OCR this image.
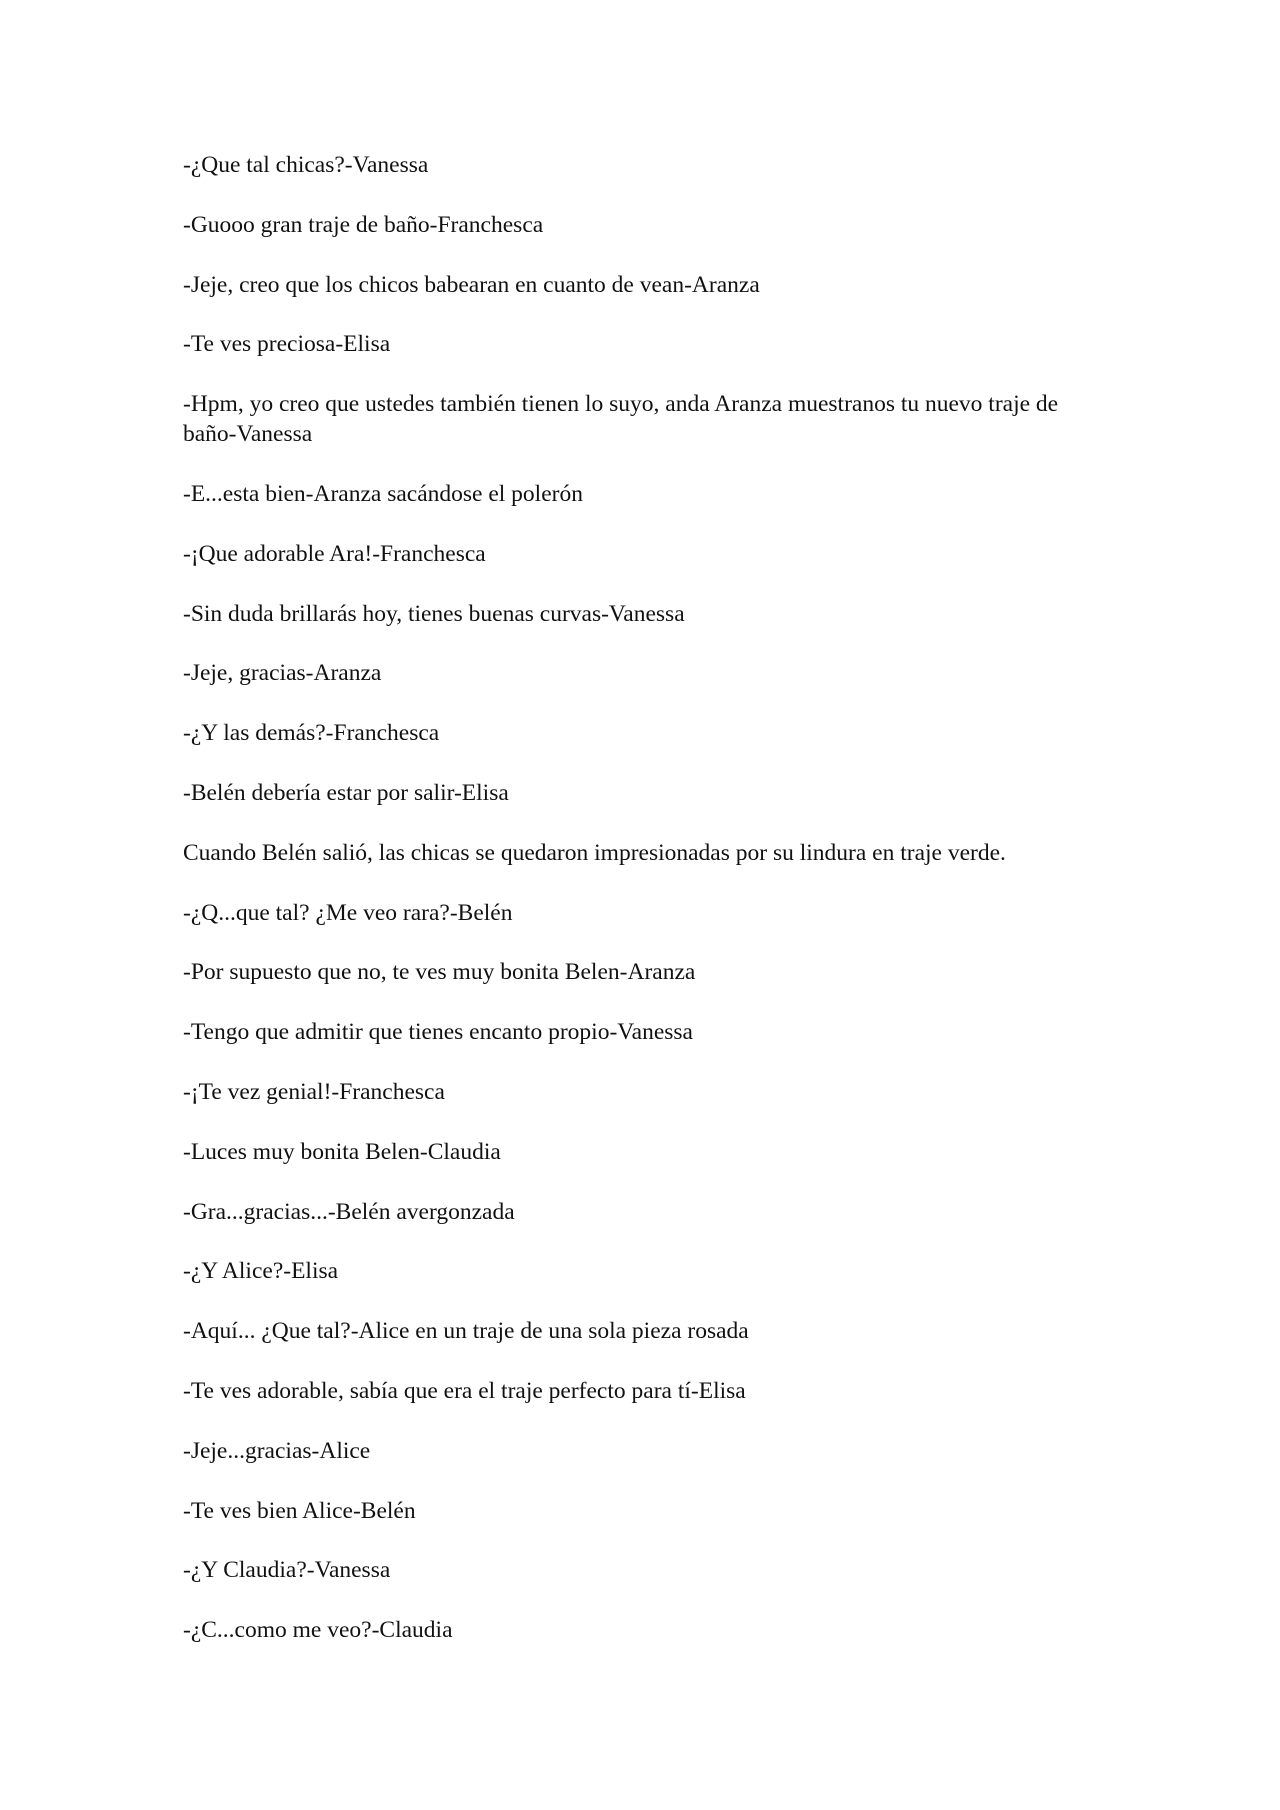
-¿Que tal chicas?-Vanessa

-Guooo gran traje de baño-Franchesca

-Jeje, creo que los chicos babearan en cuanto de vean-Aranza

-Te ves preciosa-Elisa

-Hpm, yo creo que ustedes también tienen lo suyo, anda Aranza muestranos tu nuevo traje de baño-Vanessa

-E...esta bien-Aranza sacándose el polerón

-¡Que adorable Ara!-Franchesca

-Sin duda brillarás hoy, tienes buenas curvas-Vanessa

-Jeje, gracias-Aranza

-¿Y las demás?-Franchesca

-Belén debería estar por salir-Elisa

Cuando Belén salió, las chicas se quedaron impresionadas por su lindura en traje verde.

-¿Q...que tal? ¿Me veo rara?-Belén

-Por supuesto que no, te ves muy bonita Belen-Aranza

-Tengo que admitir que tienes encanto propio-Vanessa

-¡Te vez genial!-Franchesca

-Luces muy bonita Belen-Claudia

-Gra...gracias...-Belén avergonzada

-¿Y Alice?-Elisa

-Aquí... ¿Que tal?-Alice en un traje de una sola pieza rosada

-Te ves adorable, sabía que era el traje perfecto para tí-Elisa

-Jeje...gracias-Alice

-Te ves bien Alice-Belén

-¿Y Claudia?-Vanessa

-¿C...como me veo?-Claudia
